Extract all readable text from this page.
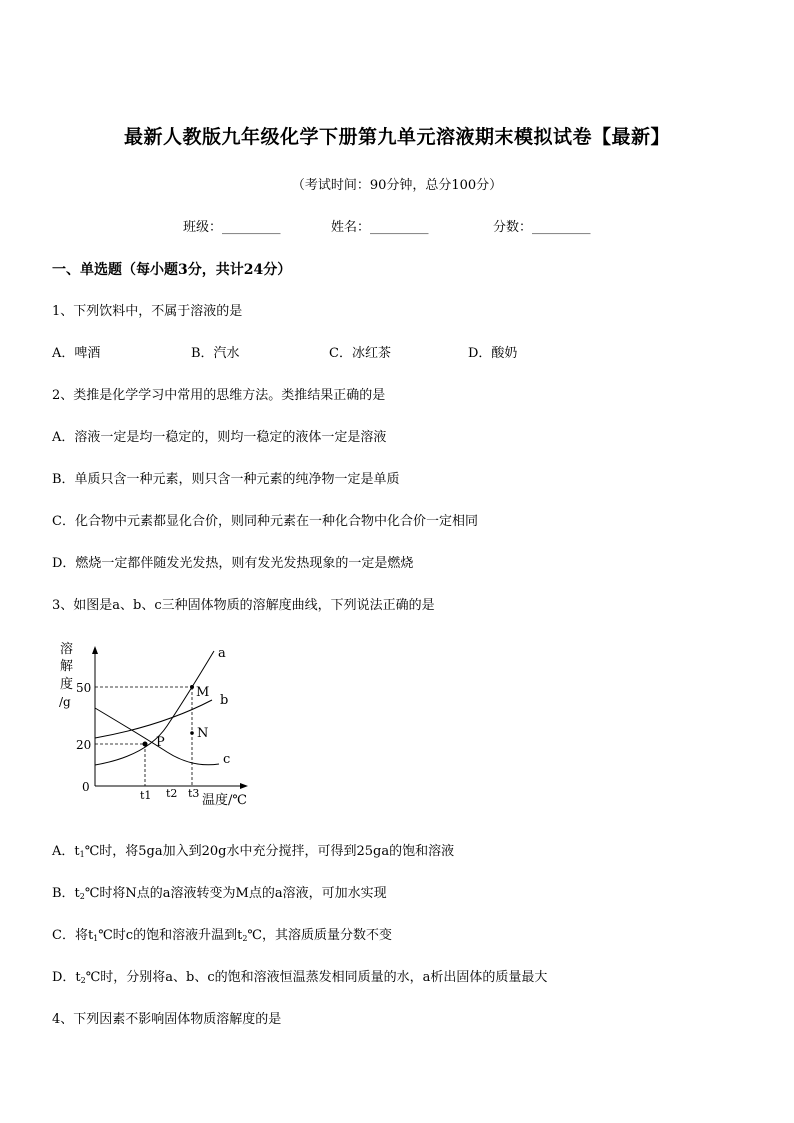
最新人教版九年级化学下册第九单元溶液期末模拟试卷【最新】
（考试时间：90分钟，总分100分）
班级：_________	姓名：_________	分数：_________
一、单选题（每小题3分，共计24分）
1、下列饮料中，不属于溶液的是
A．啤酒	B．汽水	C．冰红茶	D．酸奶
2、类推是化学学习中常用的思维方法。类推结果正确的是
A．溶液一定是均一稳定的，则均一稳定的液体一定是溶液
B．单质只含一种元素，则只含一种元素的纯净物一定是单质
C．化合物中元素都显化合价，则同种元素在一种化合物中化合价一定相同
D．燃烧一定都伴随发光发热，则有发光发热现象的一定是燃烧
3、如图是a、b、c三种固体物质的溶解度曲线，下列说法正确的是
溶
解
度
/g
50
20
0
t1 t2 t3 温度/℃
a
b
c
M
N
P
A．$t_1℃$时，将5ga加入到20g水中充分搅拌，可得到25ga的饱和溶液
B．$t_2℃$时将N点的a溶液转变为M点的a溶液，可加水实现
C．将$t_1℃$时c的饱和溶液升温到$t_2℃$，其溶质质量分数不变
D．$t_2℃$时，分别将a、b、c的饱和溶液恒温蒸发相同质量的水，a析出固体的质量最大
4、下列因素不影响固体物质溶解度的是
